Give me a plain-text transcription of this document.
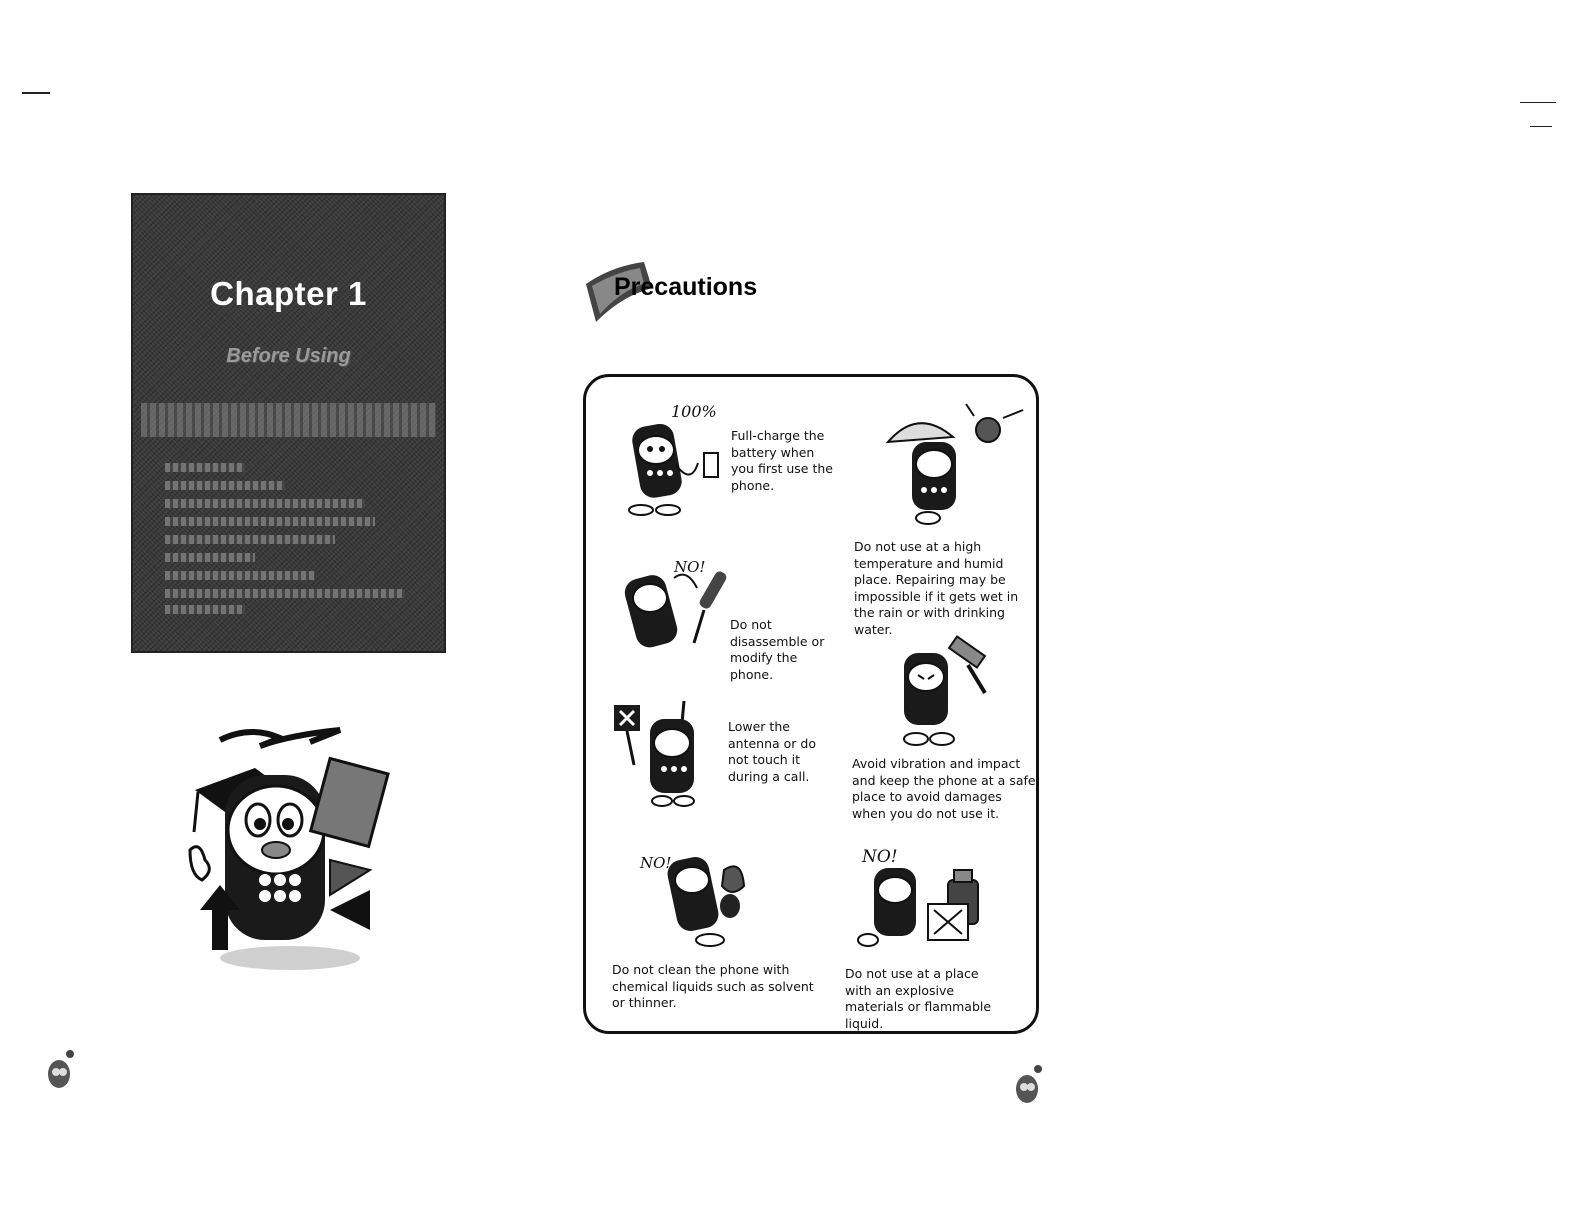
Chapter 1
Before Using
Precautions
100%
Full-charge the battery when you first use the phone.
Do not use at a high temperature and humid place. Repairing may be impossible if it gets wet in the rain or with drinking water.
NO!
Do not disassemble or modify the phone.
Avoid vibration and impact and keep the phone at a safe place to avoid damages when you do not use it.
Lower the antenna or do not touch it during a call.
NO!
Do not clean the phone with chemical liquids such as solvent or thinner.
NO!
Do not use at a place with an explosive materials or flammable liquid.
